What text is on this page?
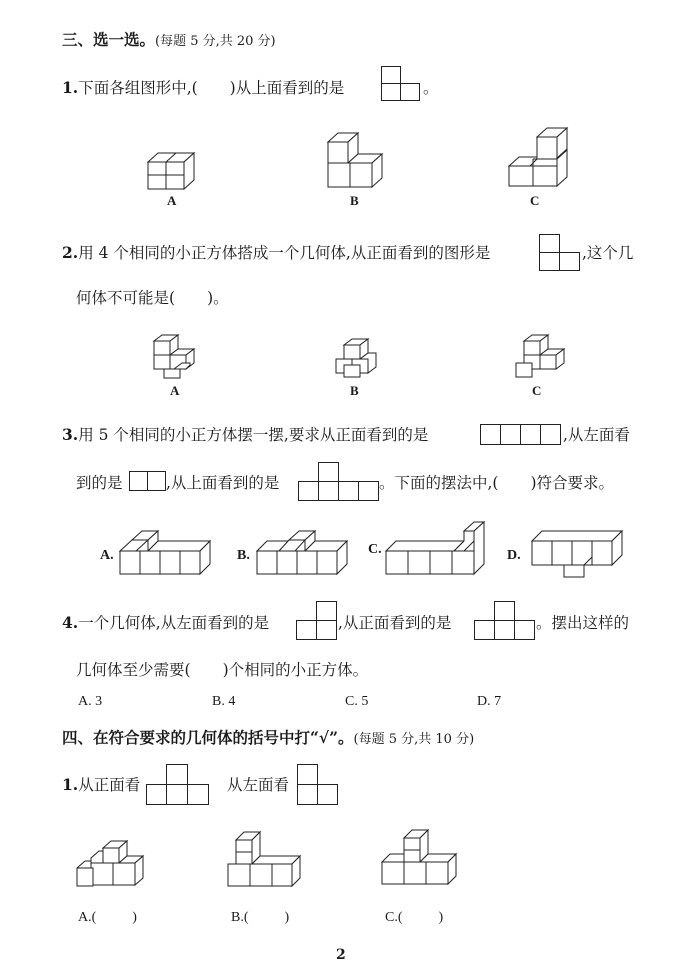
三、选一选。(每题 5 分,共 20 分)
1.下面各组图形中,( )从上面看到的是	。
A	B	C
2.用 4 个相同的小正方体搭成一个几何体,从正面看到的图形是	,这个几
何体不可能是( )。
A	B	C
3.用 5 个相同的小正方体摆一摆,要求从正面看到的是	,从左面看
到的是	,从上面看到的是	。下面的摆法中,( )符合要求。
A.	B.	C.	D.
4.一个几何体,从左面看到的是	,从正面看到的是	。摆出这样的
几何体至少需要( )个相同的小正方体。
A. 3	B. 4	C. 5	D. 7
四、在符合要求的几何体的括号中打“√”。(每题 5 分,共 10 分)
1.从正面看	从左面看
A.(	)	B.(	)	C.(	)
2
